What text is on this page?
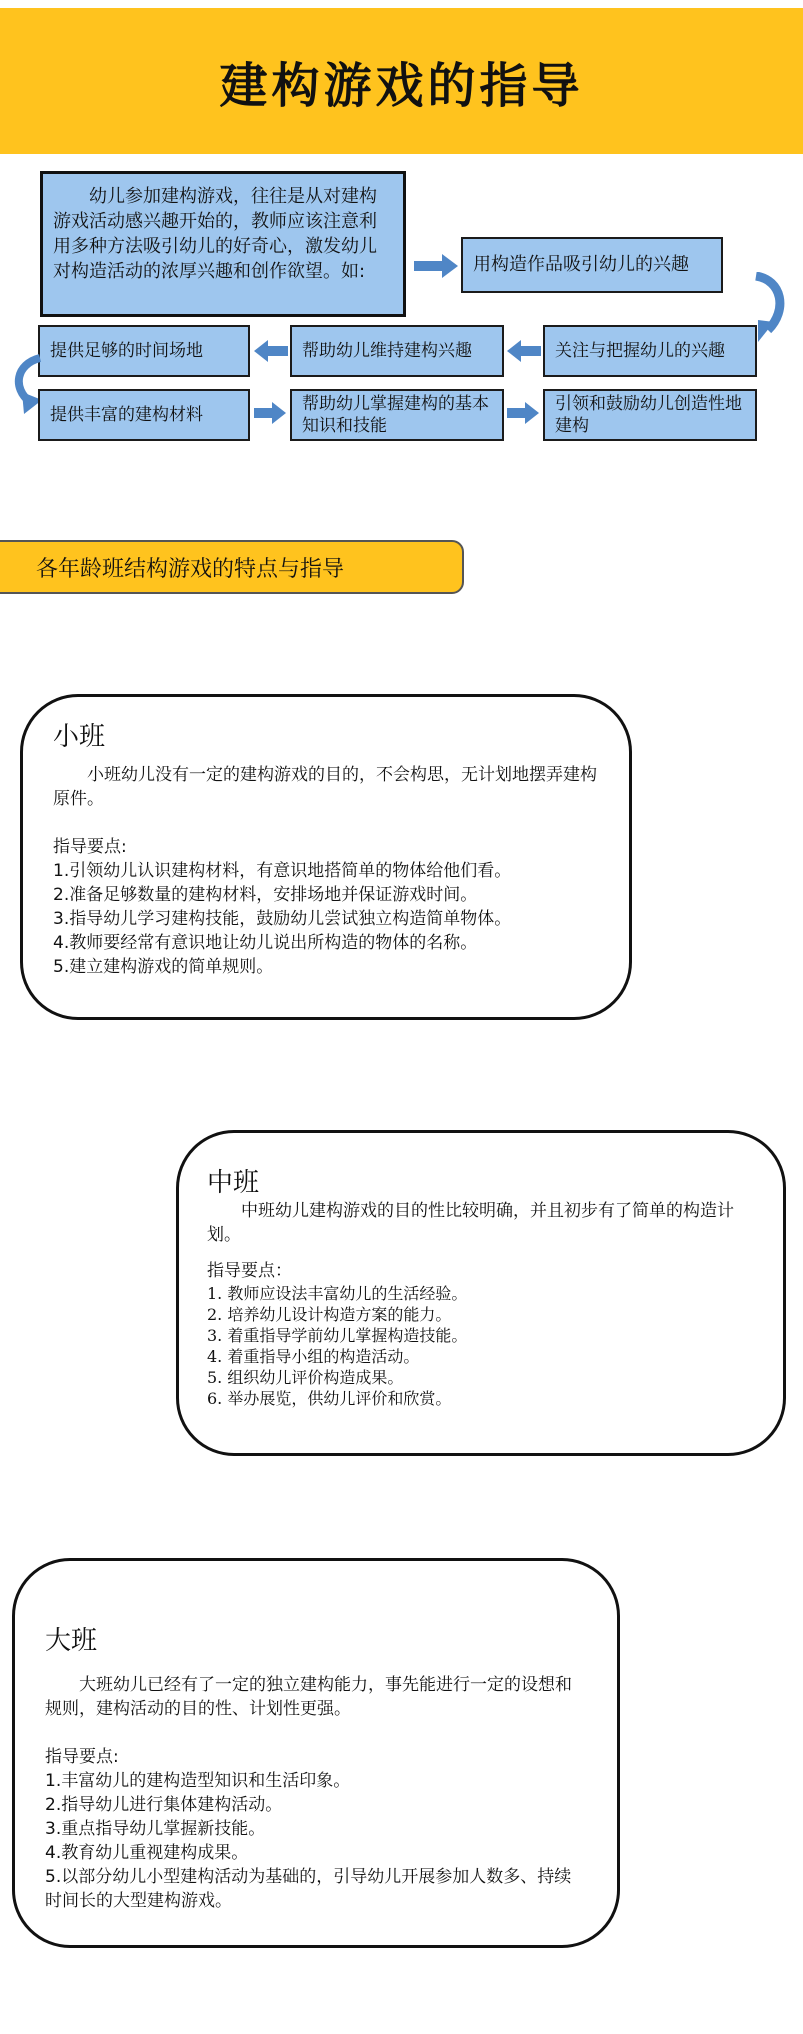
建构游戏的指导
幼儿参加建构游戏，往往是从对建构游戏活动感兴趣开始的，教师应该注意利用多种方法吸引幼儿的好奇心，激发幼儿对构造活动的浓厚兴趣和创作欲望。如:	用构造作品吸引幼儿的兴趣
关注与把握幼儿的兴趣
帮助幼儿维持建构兴趣
提供足够的时间场地
提供丰富的建构材料
帮助幼儿掌握建构的基本知识和技能
引领和鼓励幼儿创造性地建构
各年龄班结构游戏的特点与指导
小班

小班幼儿没有一定的建构游戏的目的，不会构思，无计划地摆弄建构原件。

指导要点:

1.引领幼儿认识建构材料，有意识地搭简单的物体给他们看。
2.准备足够数量的建构材料，安排场地并保证游戏时间。
3.指导幼儿学习建构技能，鼓励幼儿尝试独立构造简单物体。
4.教师要经常有意识地让幼儿说出所构造的物体的名称。
5.建立建构游戏的简单规则。
中班

中班幼儿建构游戏的目的性比较明确，并且初步有了简单的构造计划。

指导要点：

1. 教师应设法丰富幼儿的生活经验。
2. 培养幼儿设计构造方案的能力。
3. 着重指导学前幼儿掌握构造技能。
4. 着重指导小组的构造活动。
5. 组织幼儿评价构造成果。
6. 举办展览，供幼儿评价和欣赏。
大班

大班幼儿已经有了一定的独立建构能力，事先能进行一定的设想和规则，建构活动的目的性、计划性更强。

指导要点:

1.丰富幼儿的建构造型知识和生活印象。
2.指导幼儿进行集体建构活动。
3.重点指导幼儿掌握新技能。
4.教育幼儿重视建构成果。
5.以部分幼儿小型建构活动为基础的，引导幼儿开展参加人数多、持续时间长的大型建构游戏。
